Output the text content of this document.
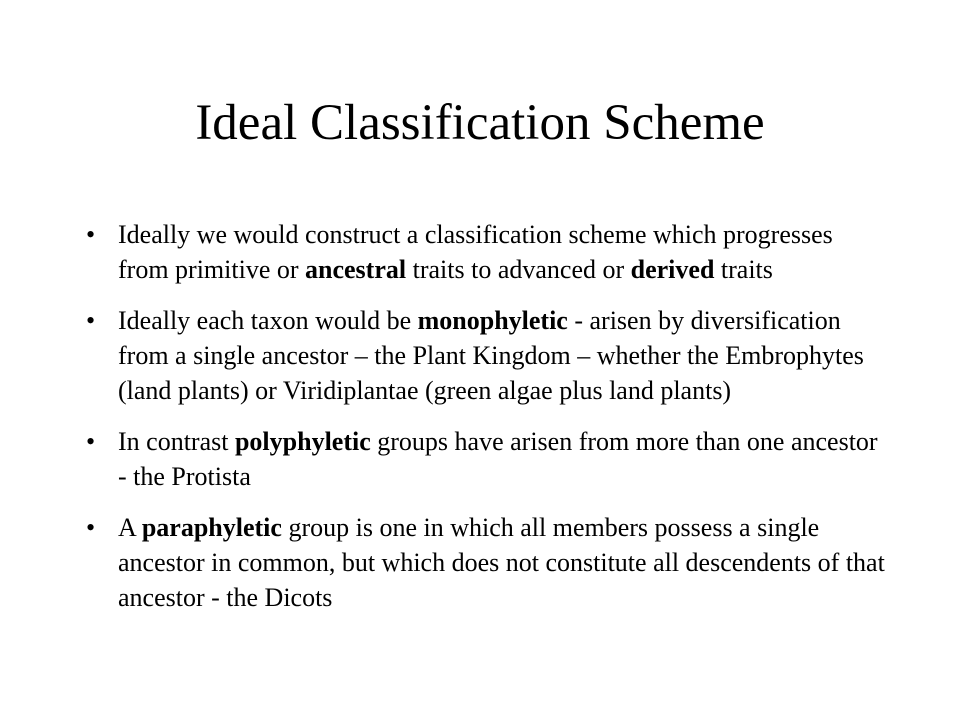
Ideal Classification Scheme
• Ideally we would construct a classification scheme which progresses from primitive or ancestral traits to advanced or derived traits
• Ideally each taxon would be monophyletic - arisen by diversification from a single ancestor – the Plant Kingdom – whether the Embrophytes (land plants) or Viridiplantae (green algae plus land plants)
• In contrast polyphyletic groups have arisen from more than one ancestor - the Protista
• A paraphyletic group is one in which all members possess a single ancestor in common, but which does not constitute all descendents of that ancestor - the Dicots
